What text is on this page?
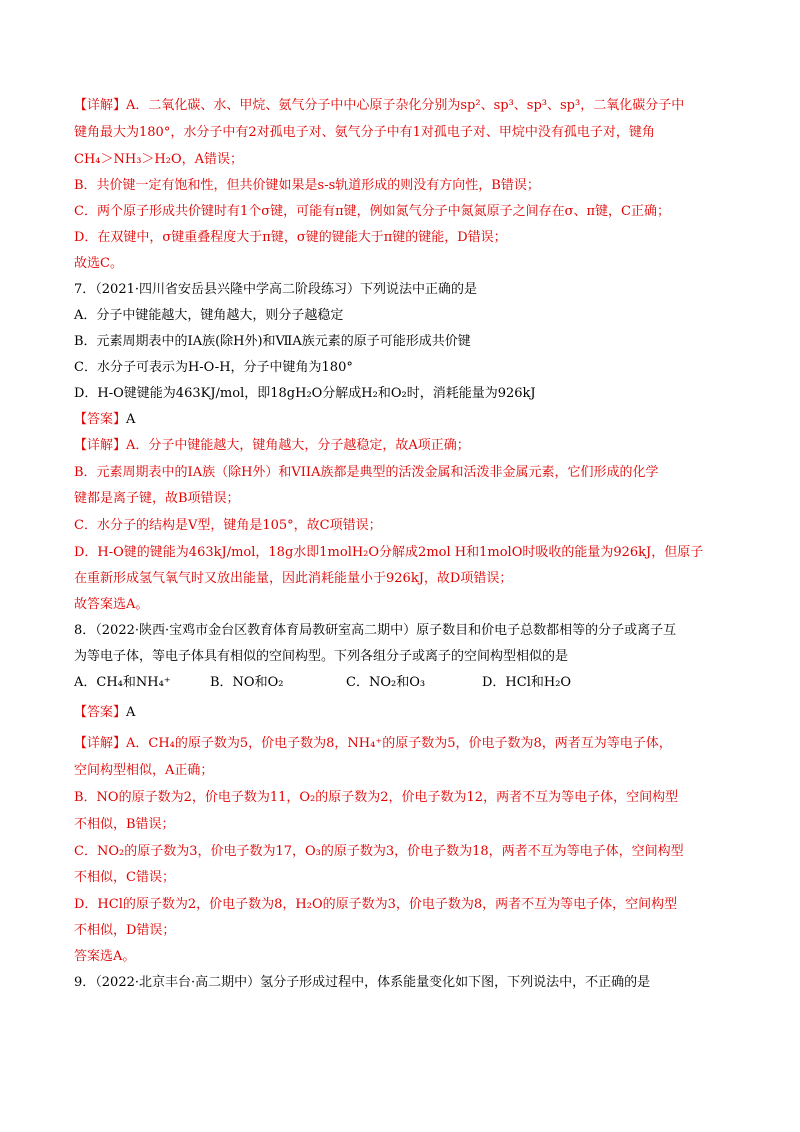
【详解】A．二氧化碳、水、甲烷、氨气分子中中心原子杂化分别为sp²、sp³、sp³、sp³，二氧化碳分子中
键角最大为180°，水分子中有2对孤电子对、氨气分子中有1对孤电子对、甲烷中没有孤电子对，键角
CH₄＞NH₃＞H₂O，A错误；
B．共价键一定有饱和性，但共价键如果是s-s轨道形成的则没有方向性，B错误；
C．两个原子形成共价键时有1个σ键，可能有π键，例如氮气分子中氮氮原子之间存在σ、π键，C正确；
D．在双键中，σ键重叠程度大于π键，σ键的键能大于π键的键能，D错误；
故选C。
7．（2021·四川省安岳县兴隆中学高二阶段练习）下列说法中正确的是
A．分子中键能越大，键角越大，则分子越稳定
B．元素周期表中的ⅠA族(除H外)和ⅦA族元素的原子可能形成共价键
C．水分子可表示为H-O-H，分子中键角为180°
D．H-O键键能为463KJ/mol，即18gH₂O分解成H₂和O₂时，消耗能量为926kJ
【答案】A
【详解】A．分子中键能越大，键角越大，分子越稳定，故A项正确；
B．元素周期表中的IA族（除H外）和VIIA族都是典型的活泼金属和活泼非金属元素，它们形成的化学
键都是离子键，故B项错误；
C．水分子的结构是V型，键角是105°，故C项错误；
D．H-O键的键能为463kJ/mol，18g水即1molH₂O分解成2mol H和1molO时吸收的能量为926kJ，但原子
在重新形成氢气氧气时又放出能量，因此消耗能量小于926kJ，故D项错误；
故答案选A。
8．（2022·陕西·宝鸡市金台区教育体育局教研室高二期中）原子数目和价电子总数都相等的分子或离子互
为等电子体，等电子体具有相似的空间构型。下列各组分子或离子的空间构型相似的是
A．CH₄和NH₄⁺	B．NO和O₂	C．NO₂和O₃	D．HCl和H₂O
【答案】A
【详解】A．CH₄的原子数为5，价电子数为8，NH₄⁺的原子数为5，价电子数为8，两者互为等电子体，
空间构型相似，A正确；
B．NO的原子数为2，价电子数为11，O₂的原子数为2，价电子数为12，两者不互为等电子体，空间构型
不相似，B错误；
C．NO₂的原子数为3，价电子数为17，O₃的原子数为3，价电子数为18，两者不互为等电子体，空间构型
不相似，C错误；
D．HCl的原子数为2，价电子数为8，H₂O的原子数为3，价电子数为8，两者不互为等电子体，空间构型
不相似，D错误；
答案选A。
9．（2022·北京丰台·高二期中）氢分子形成过程中，体系能量变化如下图，下列说法中，不正确的是
